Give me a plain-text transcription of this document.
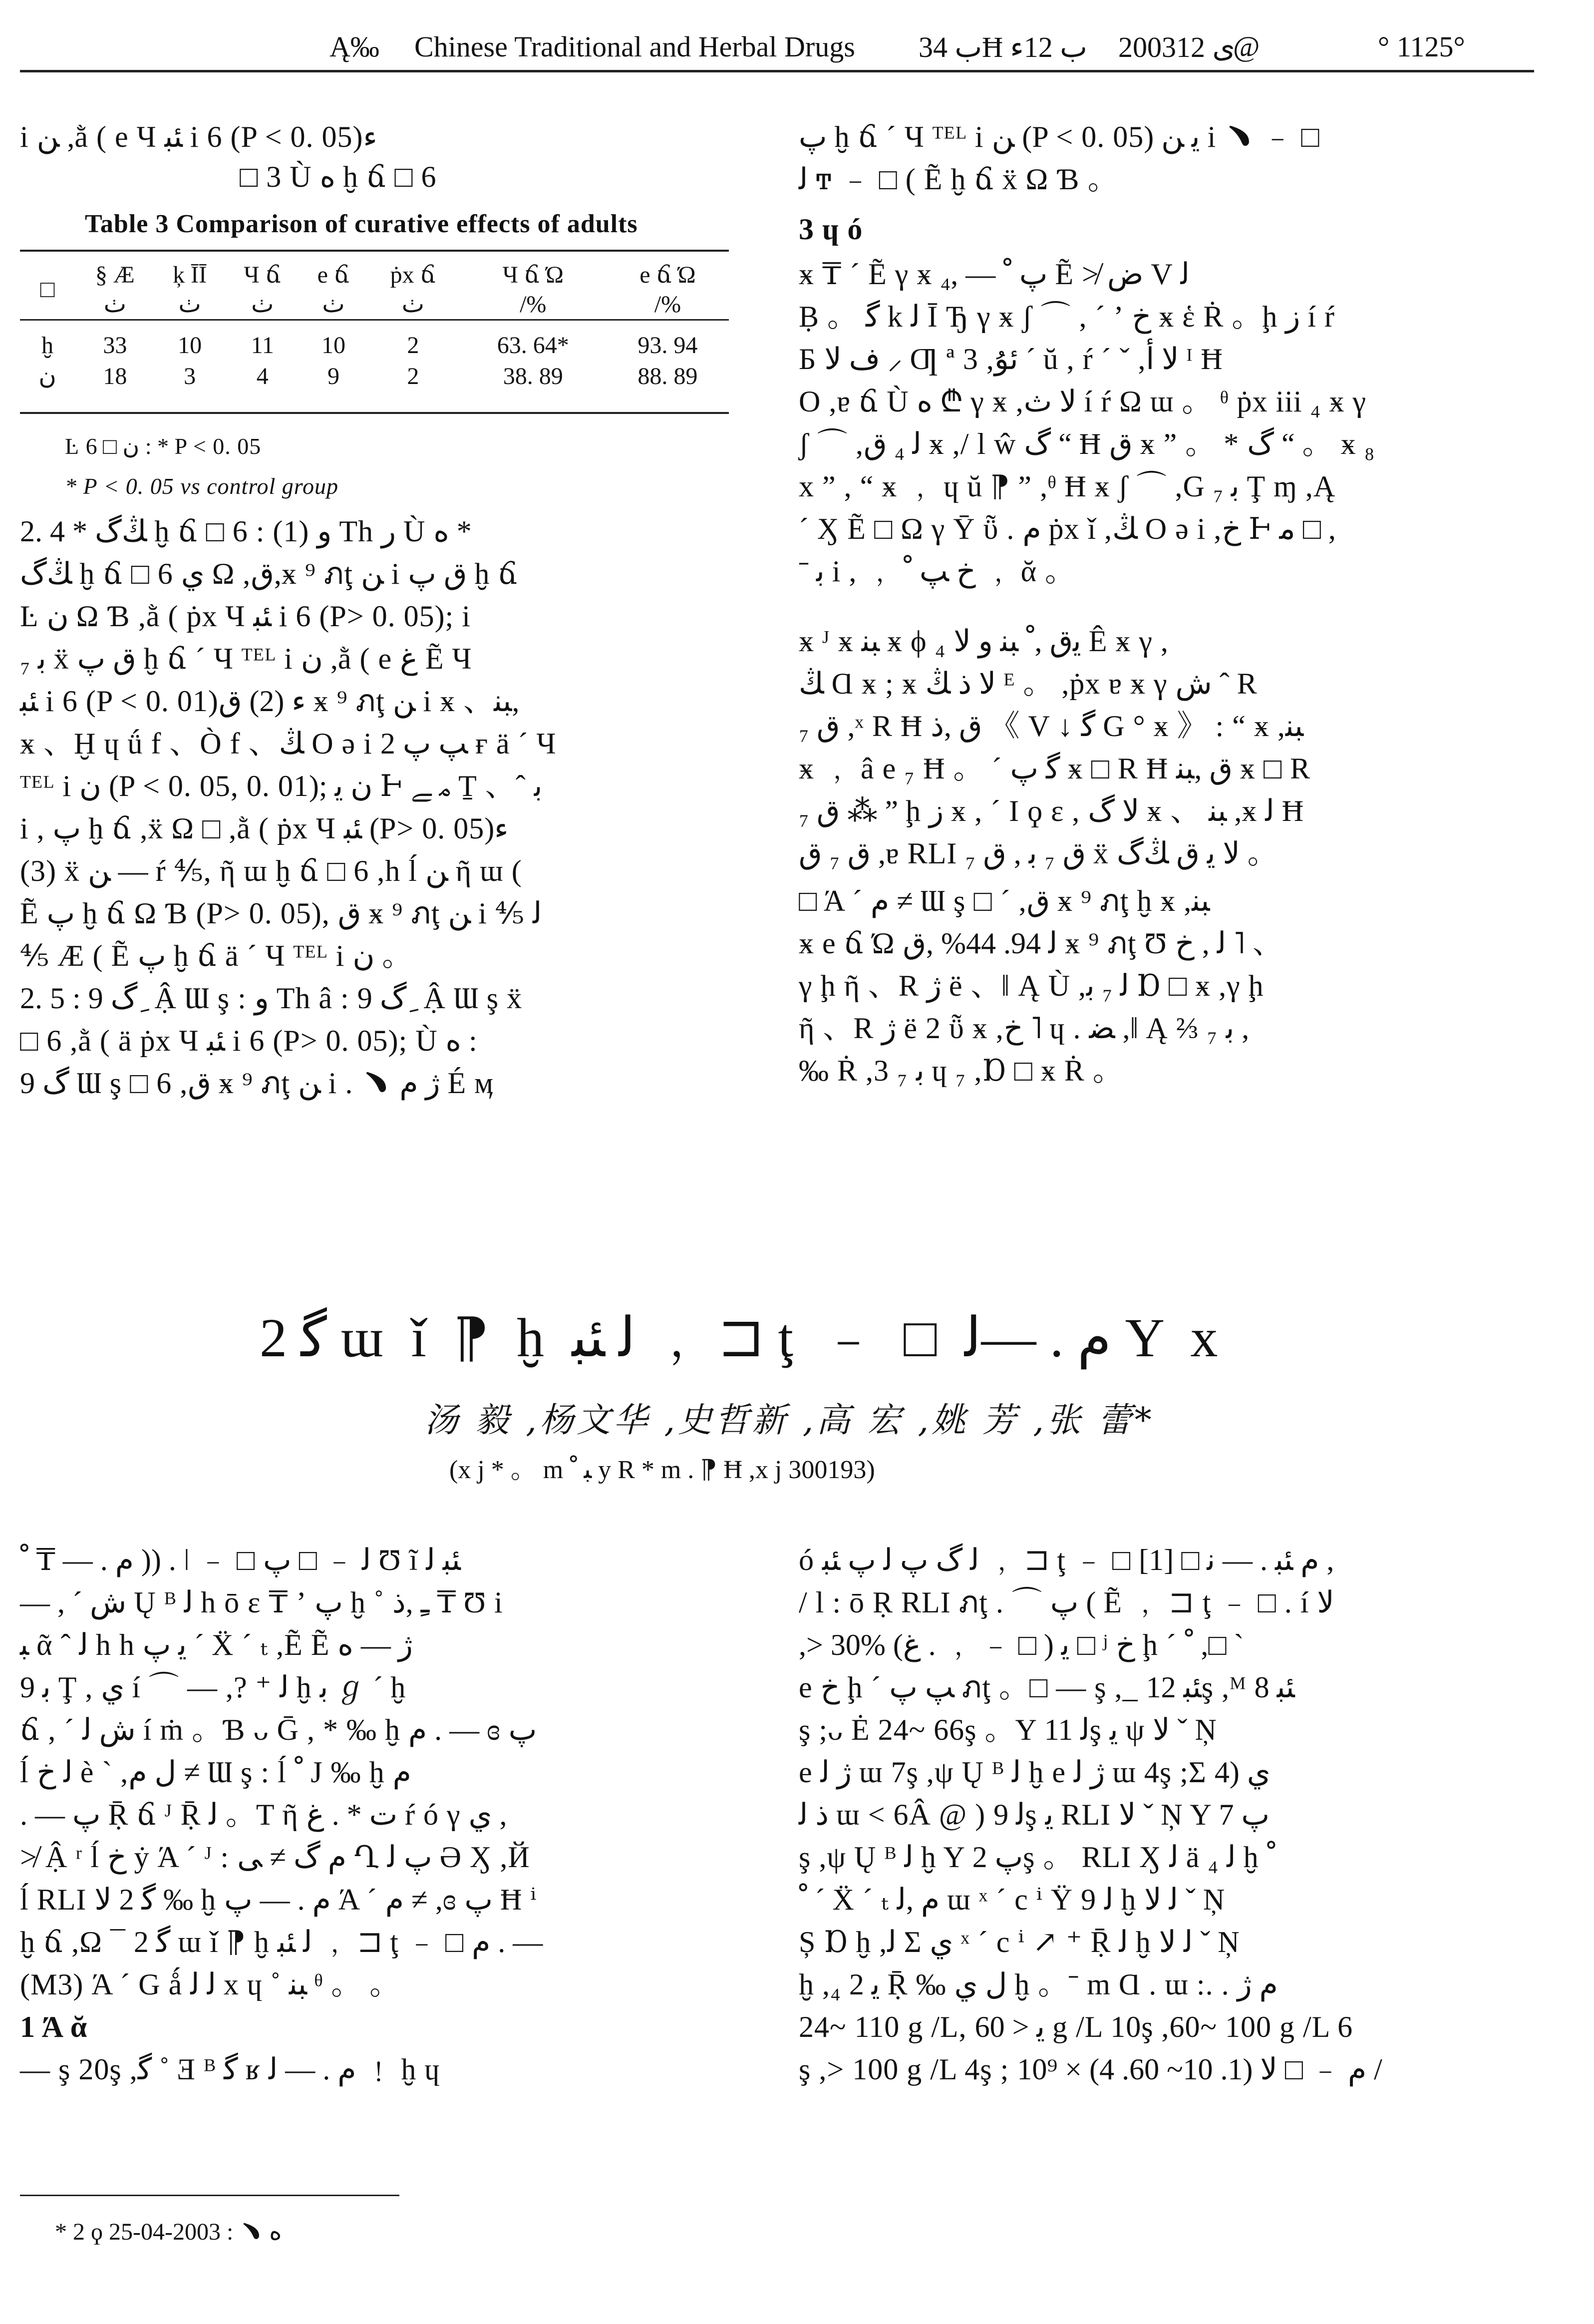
Ą‰ Chinese Traditional and Herbal Drugs ﺏ 34Ħ ﺏ 12ﺀ 2003ﻯ 12
@	° 1125°
i ﻦ ,ằ ( e Ч ﺌﺒ i 6 (P < 0. 05)ﺀ
□ 3 Ù ﻩ ḫ ճ □ 6
Table 3 Comparison of curative effects of adults
□	§ Æ	ķ ĪĪ	Ч ճ	e ճ	ṗx ճ	Ч ճ Ώ	e ճ Ώ
	ﭞ	ﭞ	ﭞ	ﭞ	ﭞ	/%	/%

ḫ	33	10	11	10	2	63. 64*	93. 94
ﻥ	18	3	4	9	2	38. 89	88. 89
Ŀ ﻥ □ 6 : * P < 0. 05
* P < 0. 05 vs control group
2. 4 * ﯔگ ḫ ճ □ 6 : (1) ﻭ Th ﺭ Ù ﻩ *
ﯔگ ḫ ճ □ 6 ﻱ Ω ,ﻕ,ӿ ⁹ ภţ ﻦ i ﻕ ﭖ ḫ ճ
Ŀ ﻥ Ω Ɓ ,ằ ( ṗx Ч ﺌﺒ i 6 (P> 0. 05); i
ﺑ ₇ ẍ ﻕ ﭖ ḫ ճ ´ Ч ᵀᴱᴸ i ﻥ ,ằ ( e ﻍ Ẽ Ч
ﺌﺒ i 6 (P < 0. 01)ﺀ (2) ﻕ ӿ ⁹ ภţ ﻦ i ӿ 、ﺒﻨ,
ӿ 、Ḫ ɥ ǘ f 、Ò f 、ﯔ O ə i ﭗ ﭖ 2 ғ ä ´ Ч
ᵀᴱᴸ i ﻥ (P < 0. 05, 0. 01); ﻥ ﻳ Ͱ ﻣ ﮯ Ṯ 、ˆ ﺑ
i , ﭖ ḫ ճ ,ẍ Ω □ ,ằ ( ṗx Ч ﺌﺒ (P> 0. 05)ﺀ
(3) ẍ ﻦ — ŕ ⅘, ῆ ɯ ḫ ճ □ 6 ,h ĺ ﻦ ῆ ɯ (
Ẽ ﭖ ḫ ճ Ω Ɓ (P> 0. 05), ﻕ ӿ ⁹ ภţ ﻦ i ⅘ ﻟ
⅘ Æ ( Ẽ ﭖ ḫ ճ ä ´ Ч ᵀᴱᴸ i ﻥ 。
2. 5 : ﮒ 9 ِ Ậ Ɯ ş : ﻭ Th â : ﮒ 9 ِ Ậ Ɯ ş ẍ
□ 6 ,ằ ( ä ṗx Ч ﺌﺒ i 6 (P> 0. 05); Ù ﻩ :
ﮒ 9 Ɯ ş □ 6 ,ﻕ ӿ ⁹ ภţ ﻦ i . ﹅ ﮊ ﻡ É ӎ 。ِ
ﭖ ḫ ճ ´ Ч ᵀᴱᴸ i ﻦ (P < 0. 05) ﻳ ﻦ i ﹅ ﹣ □
ﻟ ͳ ﹣ □ ( Ẽ ḫ ճ ẍ Ω Ɓ 。
3 ɥ ó
ӿ ₸ ´ Ẽ γ ӿ ﭖ ﹾ — ,₄ Ẽ ≯ ﺽ V ﻟ
Ḅ 。 ﮔ k ﻟ Ī Ђ γ ӿ ʃ ⌒ , ´ ʼ ﺥ ӿ ἑ Ṙ 。ḩ ﺯ í ŕ
Б ﻑ ﻻ ⸝ Ƣ ª 3 ,ﺋﯘ ˊ ŭ , ŕ ´ ˇ ,ﻻ ﺃ ᴵ Ħ
O ,ɐ ճ Ù ﻩ ₾ γ ӿ ,ﻻ ﺙ í ŕ Ω ɯ 。 ᶿ ṗx iii ₄ ӿ γ
ʃ ⌒ ,ﻟ ₄ ﻕ ӿ ,/ l ŵ گ “ Ħ ﻕ ӿ ” 。 * گ “ 。 ӿ ₈
x ” , “ ӿ ﹐ ɥ ŭ ⁋ ” ,ᶿ Ħ ӿ ʃ ⌒ ,G ﺑ ₇ Ţ ɱ ,Ą
ˊ Ӽ Ẽ □ Ω γ Ȳ ῧ . ﻡ ṗx ǐ ,ﯔ O ə i ,ﺥ Ͱ ﻣ □ ,
ˉ ﺑ i , ﹐ ﺥ ﭗ ﹾ ﹐ ᾰ 。
ӿ ᴶ ӿ ﺒﻨ ӿ ϕ ₄ ﯾﻕ ,ﹾ ﺒﻨ و ﻻ Ê ӿ γ ,
ﯔ Ɑ ӿ ; ӿ ﻻ ﺫ ﯔ ᴱ 。 ,ṗx ɐ ӿ γ ﺵ ˆ R
₇ ﻕ ,ˣ R Ħ ﻕ ,ﺫ 《 V ↓ ﮔ G ° ӿ 》 : “ ӿ ,ﺒﻨ
ӿ ﹐ â e ₇ Ħ 。 ´ ﮔ ﭖ ӿ □ R Ħ ﻕ ,ﺒﻨ ӿ □ R
₇ ﻕ ⁂ ” ḩ ﺯ ӿ , ´ I ϙ ε , ﻻ ﮒ ӿ 、 ﺒﻨ ,ӿ ﻟ Ħ
ﻕ ₇ ﻕ ,ɐ RLI ﻕ ₇ ﺑ , ﻕ ₇ ẍ ﻻ ﻳ ﻕ ﯔگ 。
□ Ά ˊ ﻡ ≠ Ɯ ş □ ´ ,ﻕ ӿ ⁹ ภţ ḫ ӿ ,ﺒﻨ
ӿ e ճ Ώ ﻟ 94. 44% ,ﻕ ӿ ⁹ ภţ Ʊ ﻟ , ﺥ ˥ 、
γ ḩ ῆ 、R ﮊ ë 、‖ Ą Ù ,ﻟ ₇ ﺑ Ɒ □ ӿ ,γ ḩ
ῆ 、R ﮊ ë 2 ῧ ӿ ,ﺥ ˥ ɥ . ﻀ ,‖ Ą ⅔ ₇ ﺑ ,
‰ Ṙ ,3 ₇ ﺑ ɥ ₇ ,Ɒ □ ӿ Ṙ 。
ﮔ 2 ɯ ǐ ⁋ ḫ ﻟ ﺌﺒ ﹐ ⊐ ţ ﹣ □ ﻡ . —ﻟ Y x
汤 毅 ,杨文华 ,史哲新 ,高 宏 ,姚 芳 ,张 蕾*
(x j * 。 m ﺒ ﹾ y R * m . ⁋ Ħ ,x j 300193)
ﻡ . — ₸ ﹾ )) . ǀ ﹣ □ ﻟ ﹣ □ ﭖ Ʊ ĩ ﺌﺒ ﻟ
— , ˊ ﺵ Ų ᴮ ﻟ h ō ε ₸ ʼ ﭖ ḫ ˚ ﹻ ,ﺫ ₸ Ʊ i
ﺒ ᾶ ˆ ﻟ h h ﯾ ﭖ ´ Ẍ ´ ₜ ,Ẽ Ẽ ﮊ — ﻩ
ﺑ 9 Ţ , ﻱ í ⌒ — ,? ⁺ ﻟ ḫ ﺑ ℊ ˊ ḫ
ճ , ˊ ﺵ ﻟ í ṁ 。Ɓ ᴗ Ḡ , * ‰ ḫ ﻡ . — ɞ ﭖ
ĺ ﻟ ﺥ è ˋ ,ﻝ ﻡ ≠ Ɯ ş : ĺ ﹾ J ‰ ḫ ﻡ
. — ﭖ Ṝ ճ ᴶ Ṝ ﻟ 。T ῆ ﺕ * . ﻍ ŕ ó γ ﻱ ,
≯ Ậ ʳ ĺ ﺥ ẏ Ά ˊ ᴶ : ﻡ ﮒ ≠ ﻰ Ղ ﭖ ﻟ Ә Ӽ ,Й
ĺ RLI ﮔ 2 ﻻ ‰ ḫ ﻡ . — ﭖ Ά ˊ ﻡ ≠ ,ɞ ﭖ Ħ ⁱ
ḫ ճ ,Ω ¯ ﮔ 2 ɯ ǐ ⁋ ḫ ﻟ ﺌﺒ ﹐ ⊐ ţ ﹣ □ ﻡ . —
(M3) Ά ˊ G ǻ ﻟ ﻟ x ɥ ˚ ﺒﻨ ᶿ 。 。
1 Ά ᾰ
— ş 20ş ,ﮔ ˚ Ǝ ᴮ ﮔ ʁ ﻡ . — ﻟ ﹗ ḫ ɥ
ó ﻟ ﮒ ﭖ ﻟ ﭖ ﺌﺒ ﹐ ⊐ ţ ﹣ □ ﻡ ﺌﺒ . — ﻧ □ [1] ,
/ l : ō Ṛ RLI ภţ . ⌒ ﭖ ( Ẽ ﹐ ⊐ ţ ﹣ □ . í ﻻ
,> 30% (ﻍ . ﹐ ﹣ □ ) ﻳ □ ʲ ﺥ ḩ ˊ ﹾ ,□ ˋ
e ﺥ ḩ ˊ ﭗ ﭖ ภţ 。□ — ş ,_ ﺌﺒ 12ş ,ᴹ ﺌﺒ 8
ş ;ᴗ Ė 24~ 66ş 。Y ﻟ 11ş ﻳ ψ ﻻ ˇ Ņ
e ﮊ ﻟ ɯ 7ş ,ψ Ų ᴮ ﻟ ḫ e ﮊ ﻟ ɯ 4ş ;Σ ﻱ (4
ﺫ ﻟ ɯ < 6Â @ ) ﻟ 9ş ﻳ RLI ﻻ ˇ Ņ Y ﭖ 7
ş ,ψ Ų ᴮ ﻟ ḫ Y ﭖ 2ş 。 RLI Ӽ ﻟ ä ₄ ﻟ ḫ ﹾ
ﹾ ´ Ẍ ´ ₜ ﻡ ,ﻟ ɯ ˣ ´ c ⁱ Ÿ 9 ﻟ ḫ ﻟ ﻻ ˇ Ņ
Ș Ɒ ḫ ,ﻟ Σ ﻱ ˣ ´ c ⁱ ↗ ⁺ Ṝ ﻟ ḫ ﻟ ﻻ ˇ Ņ
ḫ ,₄ ﻳ 2 Ṝ ‰ ﻝ ﻱ ḫ 。ˉ m Ɑ . ɯ :. . ﻡ ﮊ
24~ 110 g /L, ﻳ < 60 g /L 10ş ,60~ 100 g /L 6
ş ,> 100 g /L 4ş ; ﻡ ﹣ □ ﻻ (1. 10~ 60. 4) × 10⁹ /
* 2 ϙ ﻩ ﹅ : 2003-04-25
